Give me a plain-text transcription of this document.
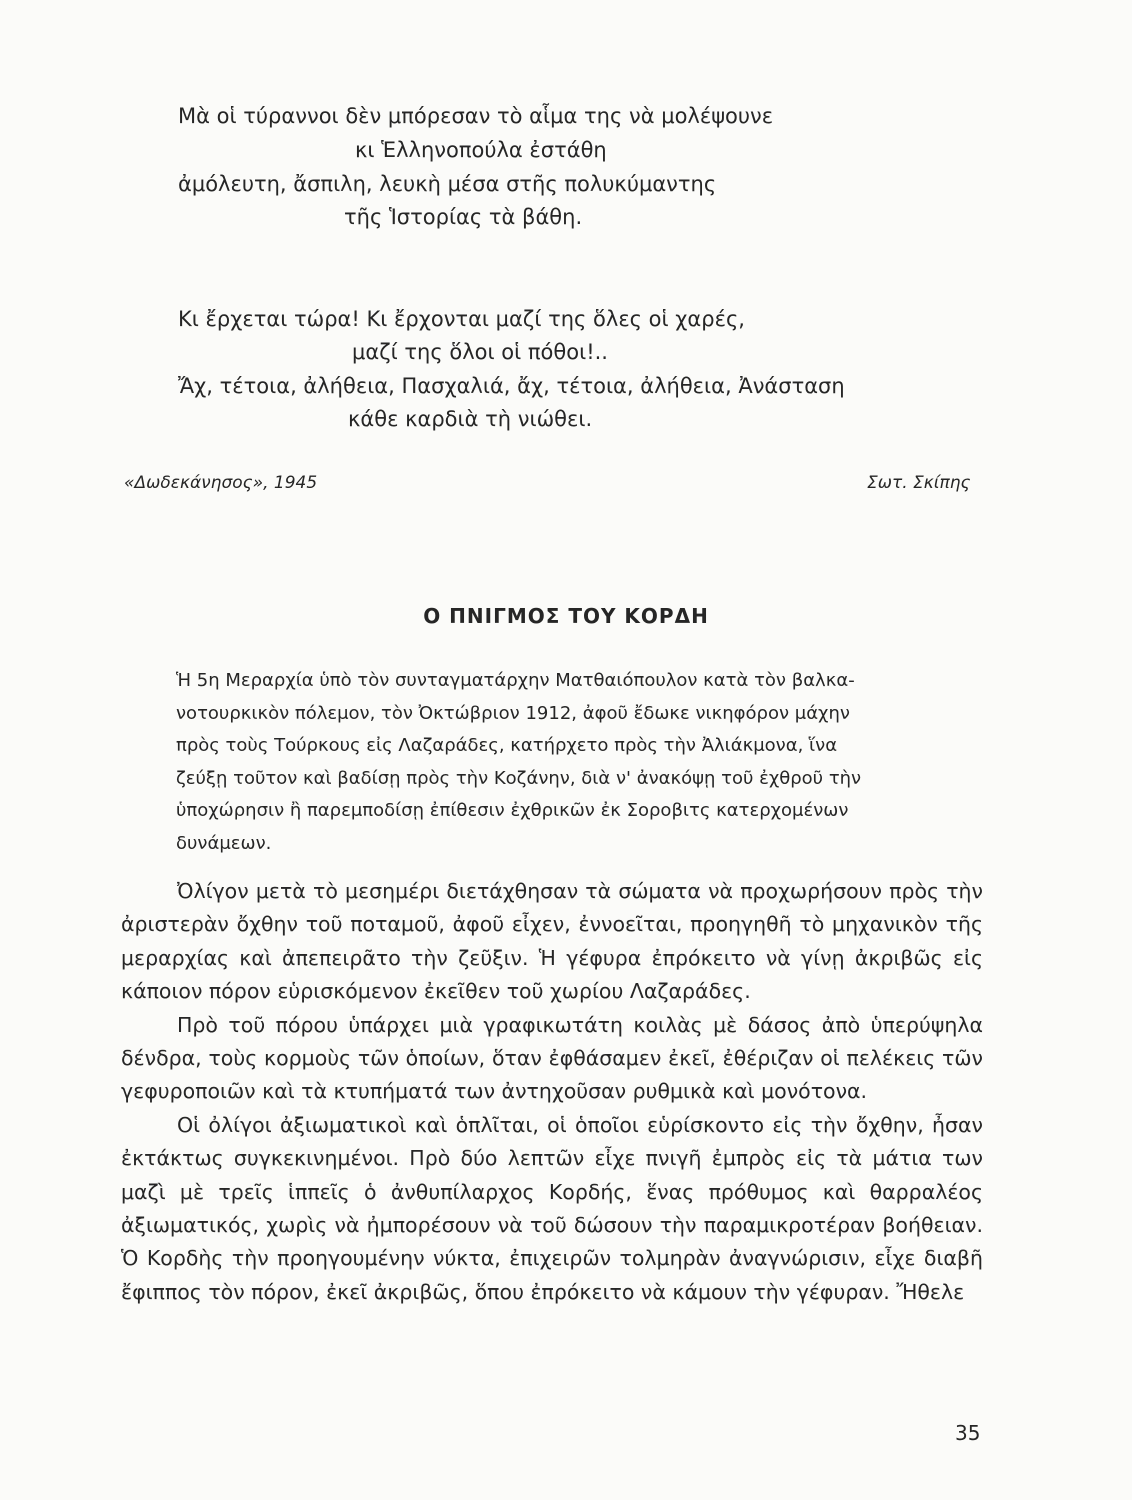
Μὰ οἱ τύραννοι δὲν μπόρεσαν τὸ αἷμα της νὰ μολέψουνε
κι Ἑλληνοπούλα ἐστάθη
ἀμόλευτη, ἄσπιλη, λευκὴ μέσα στῆς πολυκύμαντης
τῆς Ἱστορίας τὰ βάθη.
Κι ἔρχεται τώρα! Κι ἔρχονται μαζί της ὅλες οἱ χαρές,
μαζί της ὅλοι οἱ πόθοι!..
Ἄχ, τέτοια, ἀλήθεια, Πασχαλιά, ἄχ, τέτοια, ἀλήθεια, Ἀνάσταση
κάθε καρδιὰ τὴ νιώθει.
«Δωδεκάνησος», 1945	Σωτ. Σκίπης
Ο ΠΝΙΓΜΟΣ ΤΟΥ ΚΟΡΔΗ
Ἡ 5η Μεραρχία ὑπὸ τὸν συνταγματάρχην Ματθαιόπουλον κατὰ τὸν βαλκα-
νοτουρκικὸν πόλεμον, τὸν Ὀκτώβριον 1912, ἀφοῦ ἔδωκε νικηφόρον μάχην
πρὸς τοὺς Τούρκους εἰς Λαζαράδες, κατήρχετο πρὸς τὴν Ἀλιάκμονα, ἵνα
ζεύξῃ τοῦτον καὶ βαδίσῃ πρὸς τὴν Κοζάνην, διὰ ν' ἀνακόψῃ τοῦ ἐχθροῦ τὴν
ὑποχώρησιν ἢ παρεμποδίσῃ ἐπίθεσιν ἐχθρικῶν ἐκ Σοροβιτς κατερχομένων
δυνάμεων.

Ὀλίγον μετὰ τὸ μεσημέρι διετάχθησαν τὰ σώματα νὰ προχωρήσουν πρὸς τὴν ἀριστερὰν ὄχθην τοῦ ποταμοῦ, ἀφοῦ εἶχεν, ἐννοεῖται, προηγηθῆ τὸ μηχανικὸν τῆς μεραρχίας καὶ ἀπεπειρᾶτο τὴν ζεῦξιν. Ἡ γέφυρα ἐπρόκειτο νὰ γίνῃ ἀκριβῶς εἰς κάποιον πόρον εὑρισκόμενον ἐκεῖθεν τοῦ χωρίου Λαζαράδες.

Πρὸ τοῦ πόρου ὑπάρχει μιὰ γραφικωτάτη κοιλὰς μὲ δάσος ἀπὸ ὑπερύψηλα δένδρα, τοὺς κορμοὺς τῶν ὁποίων, ὅταν ἐφθάσαμεν ἐκεῖ, ἐθέριζαν οἱ πελέκεις τῶν γεφυροποιῶν καὶ τὰ κτυπήματά των ἀντηχοῦσαν ρυθμικὰ καὶ μονότονα.

Οἱ ὀλίγοι ἀξιωματικοὶ καὶ ὁπλῖται, οἱ ὁποῖοι εὑρίσκοντο εἰς τὴν ὄχθην, ἦσαν ἐκτάκτως συγκεκινημένοι. Πρὸ δύο λεπτῶν εἶχε πνιγῆ ἐμπρὸς εἰς τὰ μάτια των μαζὶ μὲ τρεῖς ἱππεῖς ὁ ἀνθυπίλαρχος Κορδής, ἕνας πρόθυμος καὶ θαρραλέος ἀξιωματικός, χωρὶς νὰ ἠμπορέσουν νὰ τοῦ δώσουν τὴν παραμικροτέραν βοήθειαν. Ὁ Κορδὴς τὴν προηγουμένην νύκτα, ἐπιχειρῶν τολμηρὰν ἀναγνώρισιν, εἶχε διαβῆ ἔφιππος τὸν πόρον, ἐκεῖ ἀκριβῶς, ὅπου ἐπρόκειτο νὰ κάμουν τὴν γέφυραν. Ἤθελε

35
